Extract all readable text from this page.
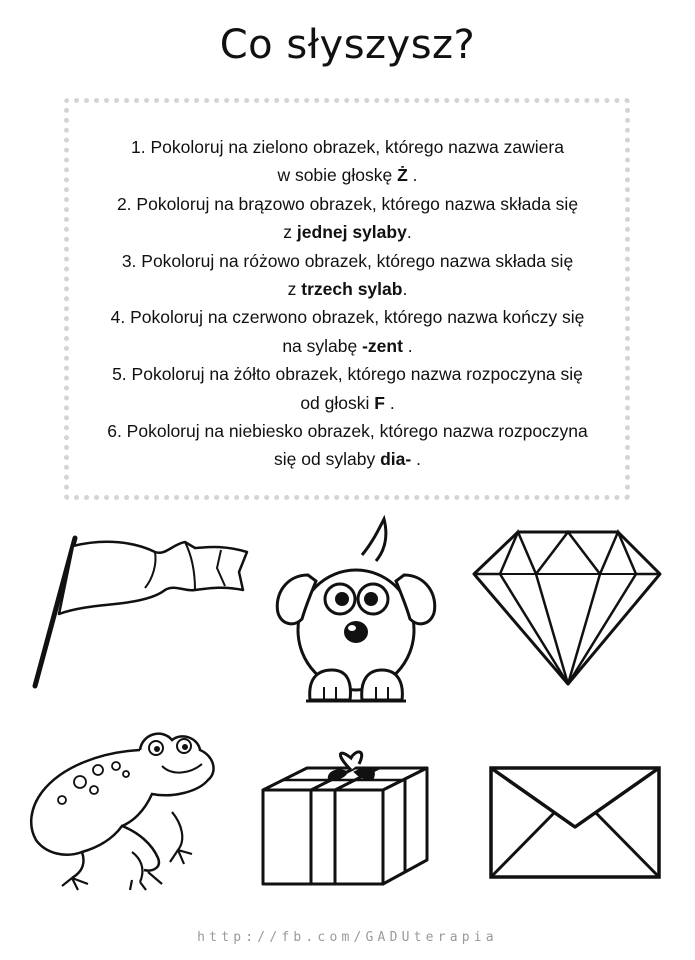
Co słyszysz?
1. Pokoloruj na zielono obrazek, którego nazwa zawiera
w sobie głoskę Ż .
2. Pokoloruj na brązowo obrazek, którego nazwa składa się
z jednej sylaby.
3. Pokoloruj na różowo obrazek, którego nazwa składa się
z trzech sylab.
4. Pokoloruj na czerwono obrazek, którego nazwa kończy się
na sylabę -zent .
5. Pokoloruj na żółto obrazek, którego nazwa rozpoczyna się
od głoski F .
6. Pokoloruj na niebiesko obrazek, którego nazwa rozpoczyna
się od sylaby dia- .
http://fb.com/GADUterapia
